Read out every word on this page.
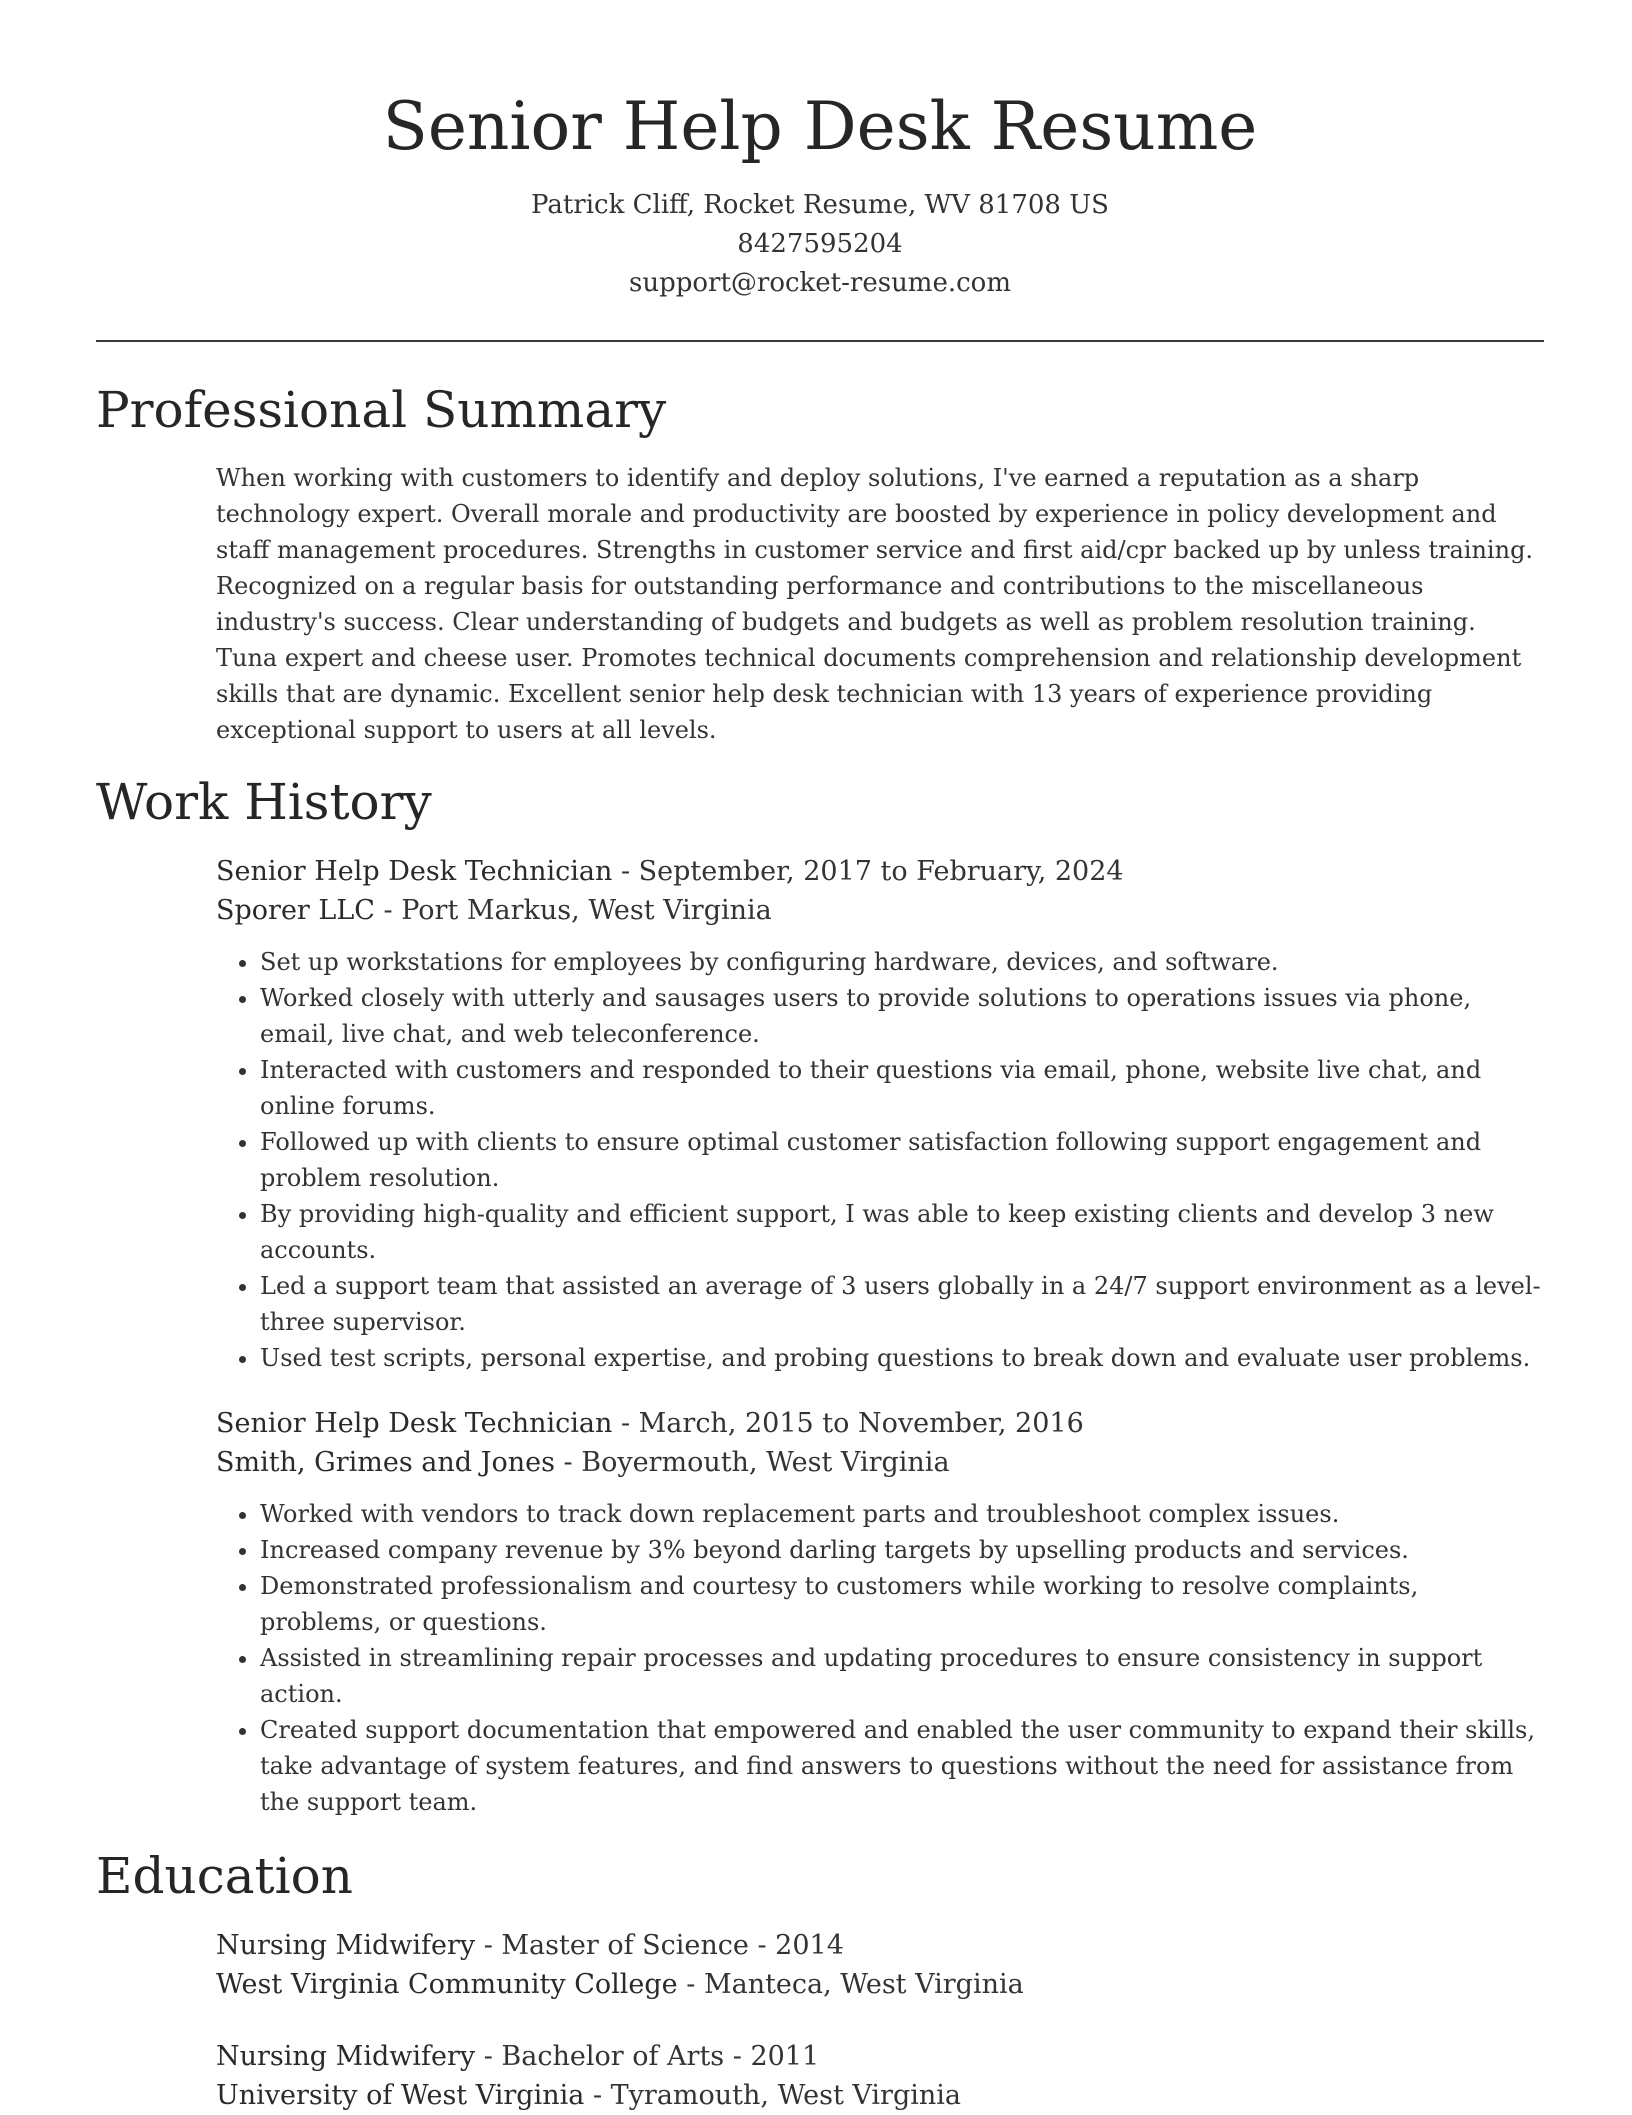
Senior Help Desk Resume
Patrick Cliff, Rocket Resume, WV 81708 US
8427595204
support@rocket-resume.com
Professional Summary

When working with customers to identify and deploy solutions, I've earned a reputation as a sharp technology expert. Overall morale and productivity are boosted by experience in policy development and staff management procedures. Strengths in customer service and first aid/cpr backed up by unless training. Recognized on a regular basis for outstanding performance and contributions to the miscellaneous industry's success. Clear understanding of budgets and budgets as well as problem resolution training. Tuna expert and cheese user. Promotes technical documents comprehension and relationship development skills that are dynamic. Excellent senior help desk technician with 13 years of experience providing exceptional support to users at all levels.

Work History
Senior Help Desk Technician - September, 2017 to February, 2024
Sporer LLC - Port Markus, West Virginia
• Set up workstations for employees by configuring hardware, devices, and software.
• Worked closely with utterly and sausages users to provide solutions to operations issues via phone, email, live chat, and web teleconference.
• Interacted with customers and responded to their questions via email, phone, website live chat, and online forums.
• Followed up with clients to ensure optimal customer satisfaction following support engagement and problem resolution.
• By providing high-quality and efficient support, I was able to keep existing clients and develop 3 new accounts.
• Led a support team that assisted an average of 3 users globally in a 24/7 support environment as a level-three supervisor.
• Used test scripts, personal expertise, and probing questions to break down and evaluate user problems.
Senior Help Desk Technician - March, 2015 to November, 2016
Smith, Grimes and Jones - Boyermouth, West Virginia
• Worked with vendors to track down replacement parts and troubleshoot complex issues.
• Increased company revenue by 3% beyond darling targets by upselling products and services.
• Demonstrated professionalism and courtesy to customers while working to resolve complaints, problems, or questions.
• Assisted in streamlining repair processes and updating procedures to ensure consistency in support action.
• Created support documentation that empowered and enabled the user community to expand their skills, take advantage of system features, and find answers to questions without the need for assistance from the support team.
Education
Nursing Midwifery - Master of Science - 2014
West Virginia Community College - Manteca, West Virginia
Nursing Midwifery - Bachelor of Arts - 2011
University of West Virginia - Tyramouth, West Virginia
